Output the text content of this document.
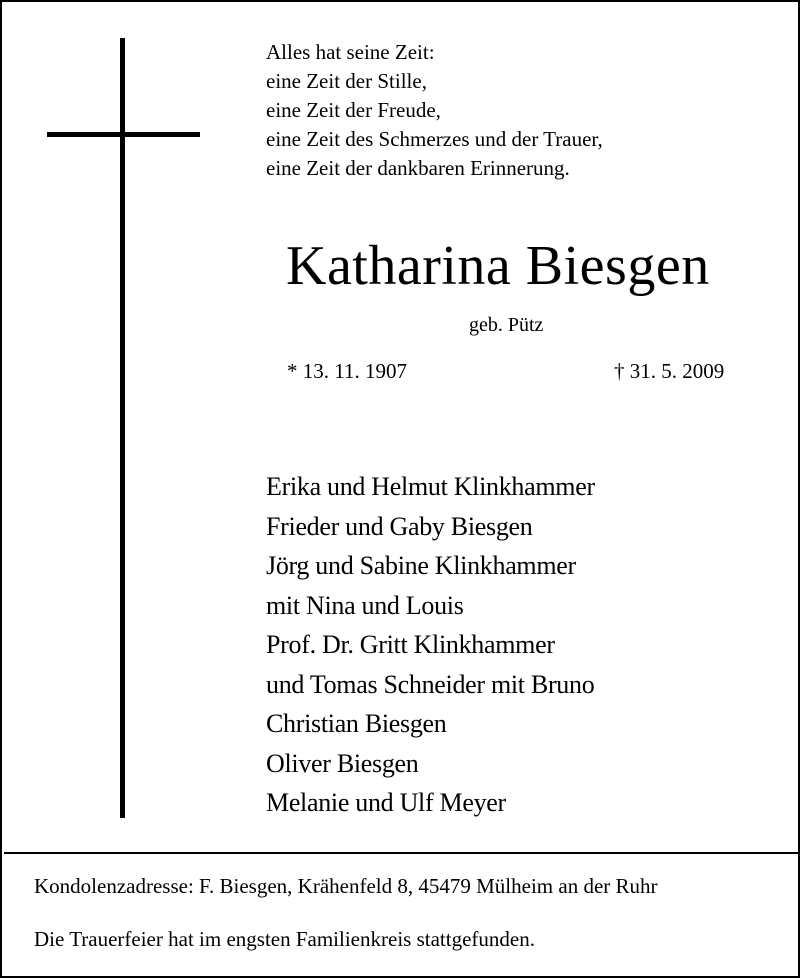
Alles hat seine Zeit:
eine Zeit der Stille,
eine Zeit der Freude,
eine Zeit des Schmerzes und der Trauer,
eine Zeit der dankbaren Erinnerung.
Katharina Biesgen
geb. Pütz
* 13. 11. 1907	† 31. 5. 2009
Erika und Helmut Klinkhammer
Frieder und Gaby Biesgen
Jörg und Sabine Klinkhammer
mit Nina und Louis
Prof. Dr. Gritt Klinkhammer
und Tomas Schneider mit Bruno
Christian Biesgen
Oliver Biesgen
Melanie und Ulf Meyer
Kondolenzadresse: F. Biesgen, Krähenfeld 8, 45479 Mülheim an der Ruhr
Die Trauerfeier hat im engsten Familienkreis stattgefunden.
